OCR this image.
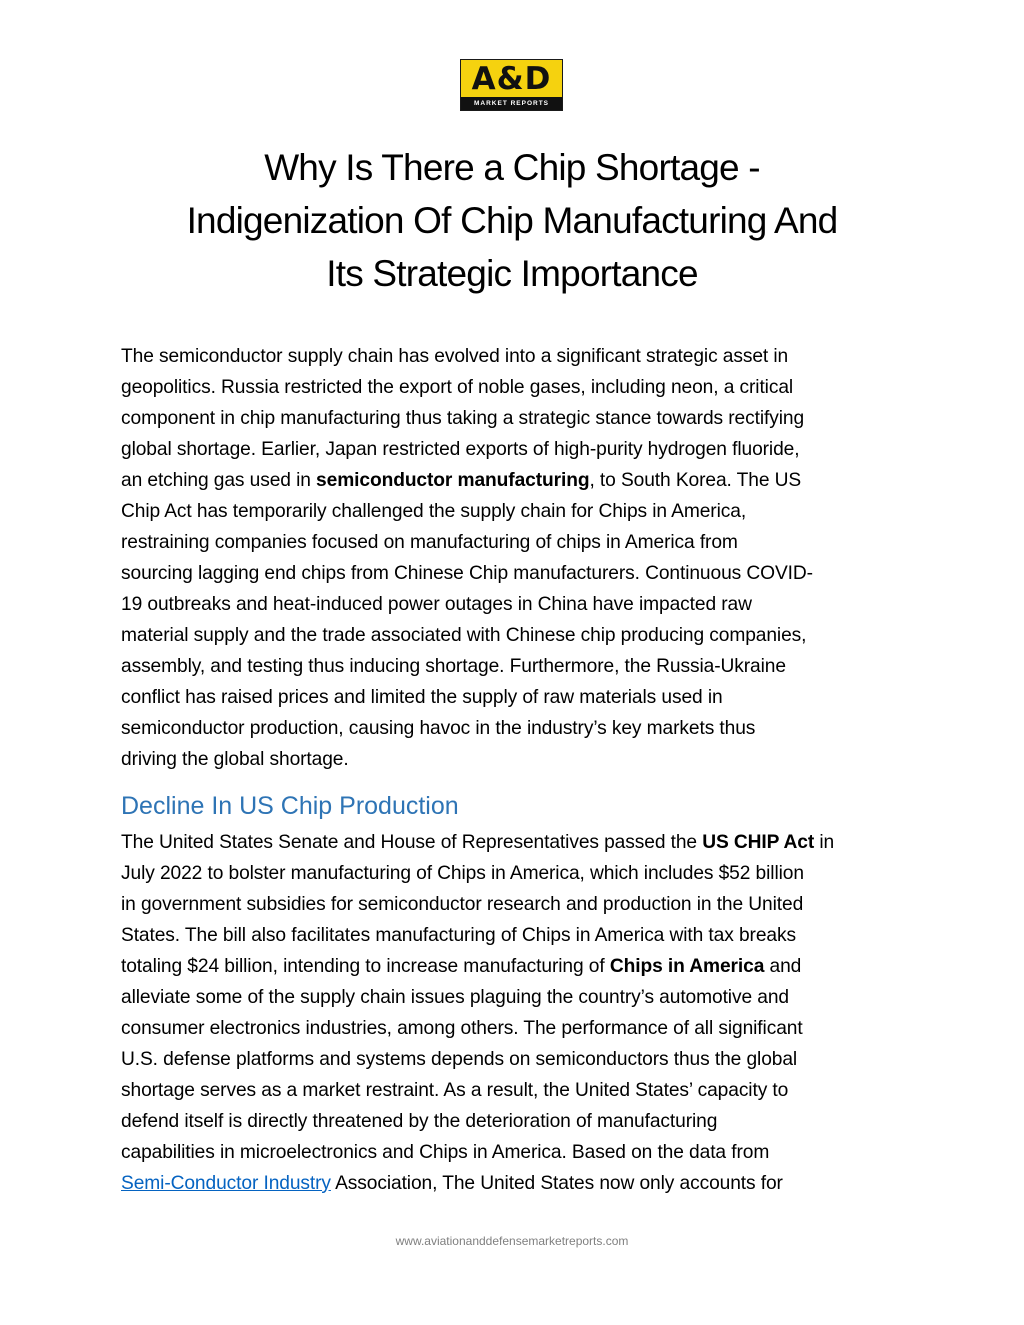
A&D
MARKET REPORTS
Why Is There a Chip Shortage -
Indigenization Of Chip Manufacturing And
Its Strategic Importance

The semiconductor supply chain has evolved into a significant strategic asset in
geopolitics. Russia restricted the export of noble gases, including neon, a critical
component in chip manufacturing thus taking a strategic stance towards rectifying
global shortage. Earlier, Japan restricted exports of high-purity hydrogen fluoride,
an etching gas used in semiconductor manufacturing, to South Korea. The US
Chip Act has temporarily challenged the supply chain for Chips in America,
restraining companies focused on manufacturing of chips in America from
sourcing lagging end chips from Chinese Chip manufacturers. Continuous COVID-
19 outbreaks and heat-induced power outages in China have impacted raw
material supply and the trade associated with Chinese chip producing companies,
assembly, and testing thus inducing shortage. Furthermore, the Russia-Ukraine
conflict has raised prices and limited the supply of raw materials used in
semiconductor production, causing havoc in the industry’s key markets thus
driving the global shortage.

Decline In US Chip Production

The United States Senate and House of Representatives passed the US CHIP Act in
July 2022 to bolster manufacturing of Chips in America, which includes $52 billion
in government subsidies for semiconductor research and production in the United
States. The bill also facilitates manufacturing of Chips in America with tax breaks
totaling $24 billion, intending to increase manufacturing of Chips in America and
alleviate some of the supply chain issues plaguing the country’s automotive and
consumer electronics industries, among others. The performance of all significant
U.S. defense platforms and systems depends on semiconductors thus the global
shortage serves as a market restraint. As a result, the United States’ capacity to
defend itself is directly threatened by the deterioration of manufacturing
capabilities in microelectronics and Chips in America. Based on the data from
Semi-Conductor Industry Association, The United States now only accounts for

www.aviationanddefensemarketreports.com
